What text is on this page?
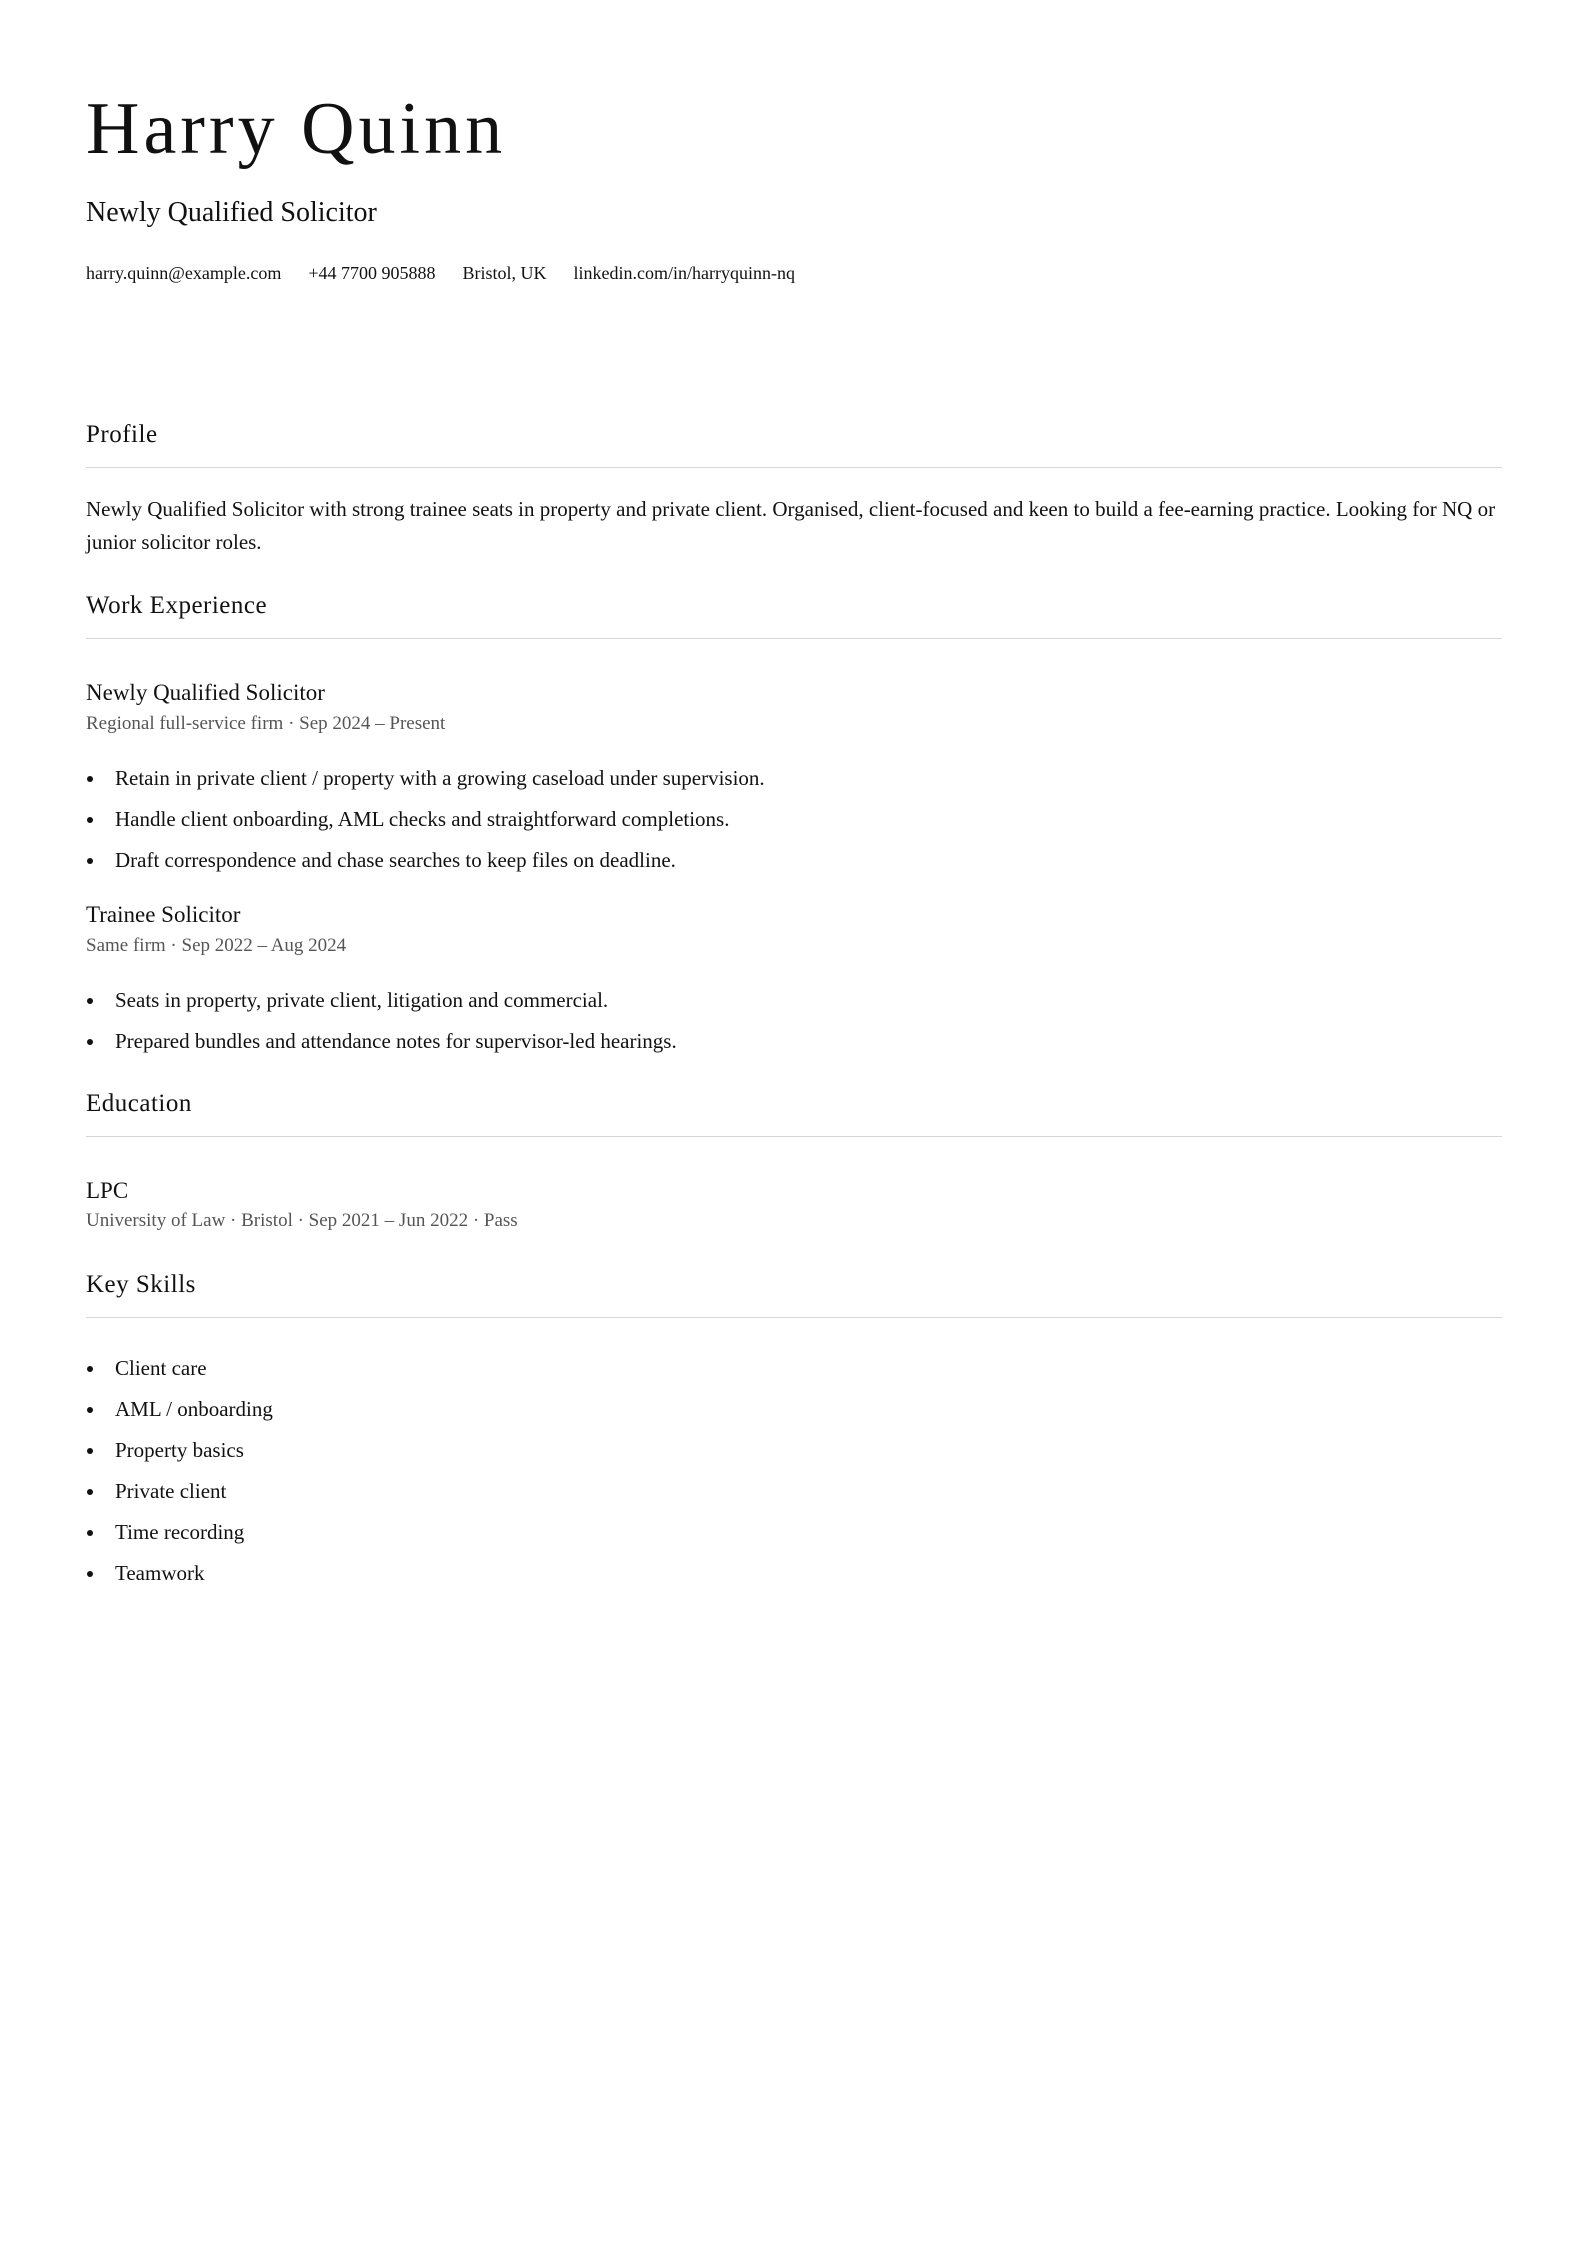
Harry Quinn
Newly Qualified Solicitor
harry.quinn@example.com +44 7700 905888 Bristol, UK linkedin.com/in/harryquinn-nq
Profile
Newly Qualified Solicitor with strong trainee seats in property and private client. Organised, client-focused and keen to build a fee-earning practice. Looking for NQ or junior solicitor roles.
Work Experience
Newly Qualified Solicitor
Regional full-service firm · Sep 2024 – Present
Retain in private client / property with a growing caseload under supervision.
Handle client onboarding, AML checks and straightforward completions.
Draft correspondence and chase searches to keep files on deadline.
Trainee Solicitor
Same firm · Sep 2022 – Aug 2024
Seats in property, private client, litigation and commercial.
Prepared bundles and attendance notes for supervisor-led hearings.
Education
LPC
University of Law · Bristol · Sep 2021 – Jun 2022 · Pass
Key Skills
Client care
AML / onboarding
Property basics
Private client
Time recording
Teamwork
